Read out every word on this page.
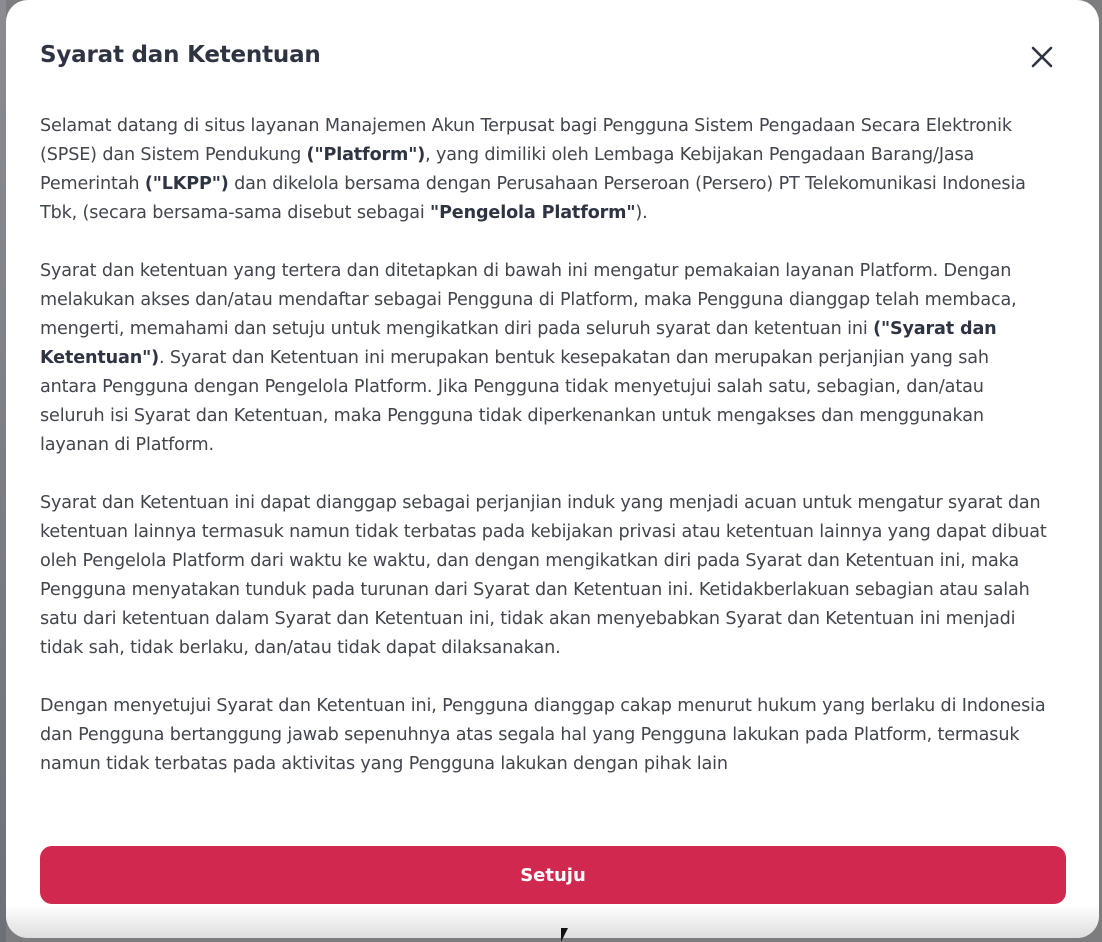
Syarat dan Ketentuan

Selamat datang di situs layanan Manajemen Akun Terpusat bagi Pengguna Sistem Pengadaan Secara Elektronik (SPSE) dan Sistem Pendukung ("Platform"), yang dimiliki oleh Lembaga Kebijakan Pengadaan Barang/Jasa Pemerintah ("LKPP") dan dikelola bersama dengan Perusahaan Perseroan (Persero) PT Telekomunikasi Indonesia Tbk, (secara bersama-sama disebut sebagai "Pengelola Platform").

Syarat dan ketentuan yang tertera dan ditetapkan di bawah ini mengatur pemakaian layanan Platform. Dengan melakukan akses dan/atau mendaftar sebagai Pengguna di Platform, maka Pengguna dianggap telah membaca, mengerti, memahami dan setuju untuk mengikatkan diri pada seluruh syarat dan ketentuan ini ("Syarat dan Ketentuan"). Syarat dan Ketentuan ini merupakan bentuk kesepakatan dan merupakan perjanjian yang sah antara Pengguna dengan Pengelola Platform. Jika Pengguna tidak menyetujui salah satu, sebagian, dan/atau seluruh isi Syarat dan Ketentuan, maka Pengguna tidak diperkenankan untuk mengakses dan menggunakan layanan di Platform.

Syarat dan Ketentuan ini dapat dianggap sebagai perjanjian induk yang menjadi acuan untuk mengatur syarat dan ketentuan lainnya termasuk namun tidak terbatas pada kebijakan privasi atau ketentuan lainnya yang dapat dibuat oleh Pengelola Platform dari waktu ke waktu, dan dengan mengikatkan diri pada Syarat dan Ketentuan ini, maka Pengguna menyatakan tunduk pada turunan dari Syarat dan Ketentuan ini. Ketidakberlakuan sebagian atau salah satu dari ketentuan dalam Syarat dan Ketentuan ini, tidak akan menyebabkan Syarat dan Ketentuan ini menjadi tidak sah, tidak berlaku, dan/atau tidak dapat dilaksanakan.

Dengan menyetujui Syarat dan Ketentuan ini, Pengguna dianggap cakap menurut hukum yang berlaku di Indonesia dan Pengguna bertanggung jawab sepenuhnya atas segala hal yang Pengguna lakukan pada Platform, termasuk namun tidak terbatas pada aktivitas yang Pengguna lakukan dengan pihak lain

Setuju
